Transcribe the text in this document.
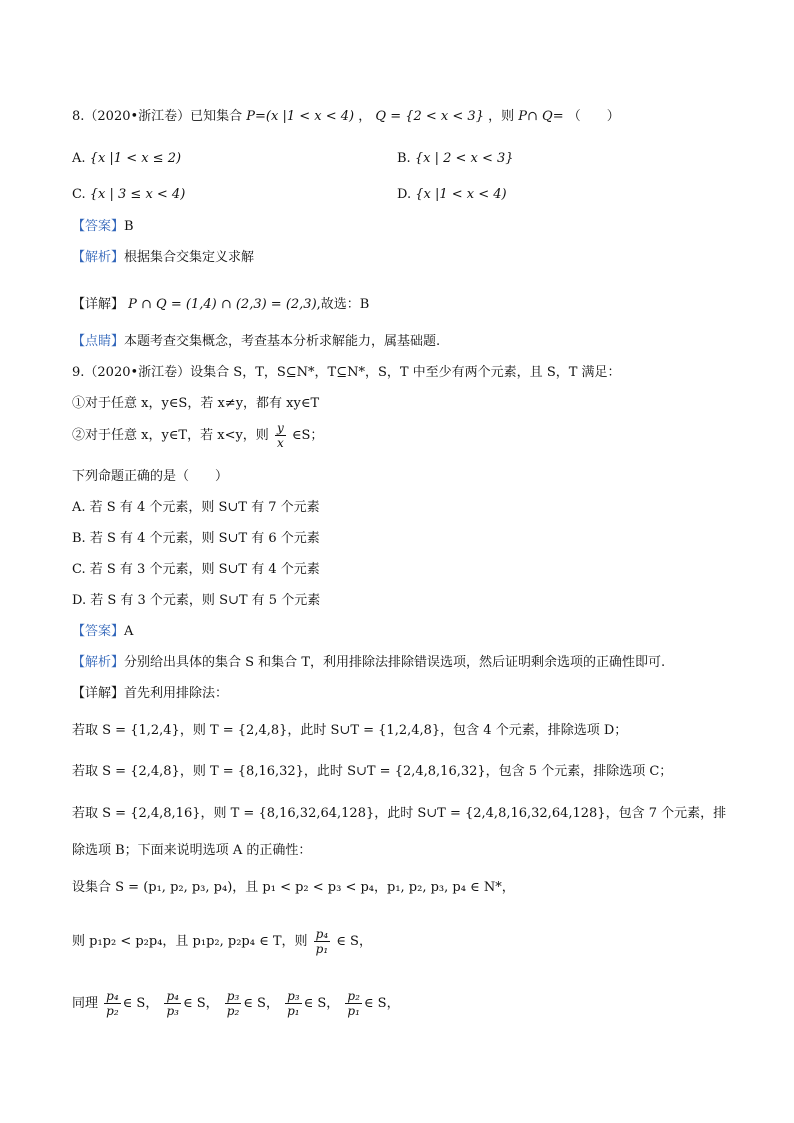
8.（2020•浙江卷）已知集合 P=(x |1 < x < 4) ， Q = {2 < x < 3} ，则 P∩ Q= （　　）
A. {x |1 < x ≤ 2)	B. {x | 2 < x < 3}
C. {x | 3 ≤ x < 4)	D. {x |1 < x < 4)
【答案】B
【解析】根据集合交集定义求解
【详解】 P ∩ Q = (1,4) ∩ (2,3) = (2,3),故选：B
【点睛】本题考查交集概念，考查基本分析求解能力，属基础题.
9.（2020•浙江卷）设集合 S，T，S⊆N*，T⊆N*，S，T 中至少有两个元素，且 S，T 满足：
①对于任意 x，y∈S，若 x≠y，都有 xy∈T
②对于任意 x，y∈T，若 x<y，则 $\frac{y}{x}$ ∈S；
下列命题正确的是（　　）
A. 若 S 有 4 个元素，则 S∪T 有 7 个元素
B. 若 S 有 4 个元素，则 S∪T 有 6 个元素
C. 若 S 有 3 个元素，则 S∪T 有 4 个元素
D. 若 S 有 3 个元素，则 S∪T 有 5 个元素
【答案】A
【解析】分别给出具体的集合 S 和集合 T，利用排除法排除错误选项，然后证明剩余选项的正确性即可.
【详解】首先利用排除法：
若取 S = {1,2,4}，则 T = {2,4,8}，此时 S∪T = {1,2,4,8}，包含 4 个元素，排除选项 D；
若取 S = {2,4,8}，则 T = {8,16,32}，此时 S∪T = {2,4,8,16,32}，包含 5 个元素，排除选项 C；
若取 S = {2,4,8,16}，则 T = {8,16,32,64,128}，此时 S∪T = {2,4,8,16,32,64,128}，包含 7 个元素，排
除选项 B；下面来说明选项 A 的正确性：
设集合 S = (p₁, p₂, p₃, p₄)，且 p₁ < p₂ < p₃ < p₄，p₁, p₂, p₃, p₄ ∈ N*，
则 p₁p₂ < p₂p₄，且 p₁p₂, p₂p₄ ∈ T，则 $\frac{\text{p₄}}{\text{p₁}}$ ∈ S，
同理 $\frac{\text{p₄}}{\text{p₂}}$ ∈ S， $\frac{\text{p₄}}{\text{p₃}}$ ∈ S， $\frac{\text{p₃}}{\text{p₂}}$ ∈ S， $\frac{\text{p₃}}{\text{p₁}}$ ∈ S， $\frac{\text{p₂}}{\text{p₁}}$ ∈ S，
